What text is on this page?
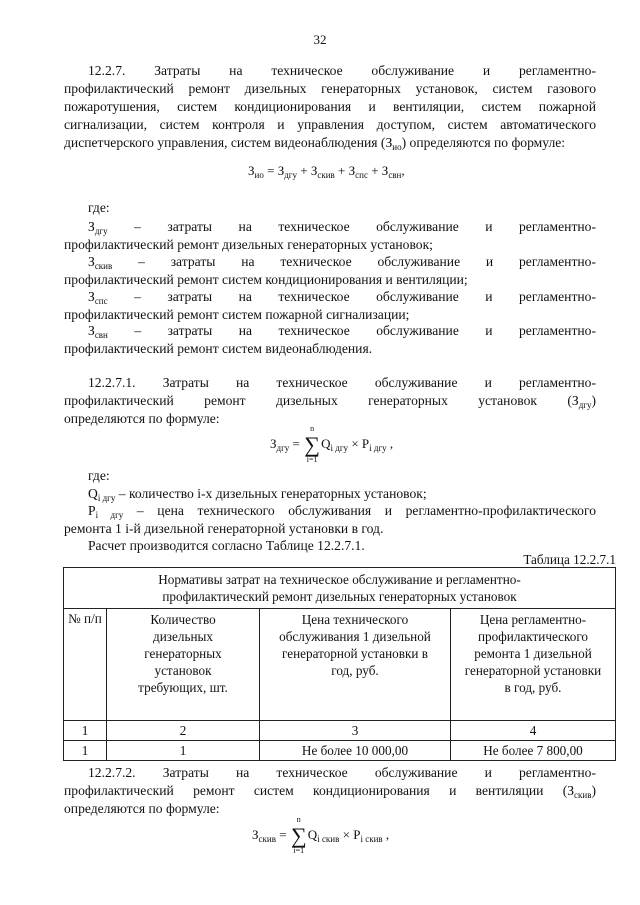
32
12.2.7. Затраты на техническое обслуживание и регламентно-
профилактический ремонт дизельных генераторных установок, систем газового пожаротушения, систем кондиционирования и вентиляции, систем пожарной сигнализации, систем контроля и управления доступом, систем автоматического диспетчерского управления, систем видеонаблюдения $(З_{ио})$ определяются по формуле:
$З_{ио} = З_{дгу} + З_{скив} + З_{спс} + З_{свн}$,
где:
$З_{дгу}$ – затраты на техническое обслуживание и регламентно-
профилактический ремонт дизельных генераторных установок;
$З_{скив}$ – затраты на техническое обслуживание и регламентно-
профилактический ремонт систем кондиционирования и вентиляции;
$З_{спс}$ – затраты на техническое обслуживание и регламентно-
профилактический ремонт систем пожарной сигнализации;
$З_{свн}$ – затраты на техническое обслуживание и регламентно-
профилактический ремонт систем видеонаблюдения.
12.2.7.1. Затраты на техническое обслуживание и регламентно-
профилактический ремонт дизельных генераторных установок $(З_{дгу})$
определяются по формуле:
$З_{дгу}$ = ∑
n
i=1
$Q_{i дгу} \times P_{i дгу}$ ,
где:
$Q_{i дгу}$ – количество i-х дизельных генераторных установок;
$P_{i дгу}$ – цена технического обслуживания и регламентно-профилактического
ремонта 1 i-й дизельной генераторной установки в год.
Расчет производится согласно Таблице 12.2.7.1.
Таблица 12.2.7.1
Нормативы затрат на техническое обслуживание и регламентно-
профилактический ремонт дизельных генераторных установок			

№ п/п	Количество дизельных генераторных установок требующих, шт.	Цена технического обслуживания 1 дизельной генераторной установки в год, руб.	Цена регламентно-профилактического ремонта 1 дизельной генераторной установки в год, руб.
1	2	3	4
1	1	Не более 10 000,00	Не более 7 800,00
12.2.7.2. Затраты на техническое обслуживание и регламентно-
профилактический ремонт систем кондиционирования и вентиляции $(З_{скив})$
определяются по формуле:
$З_{скив}$ = ∑
n
i=1
$Q_{i скив} \times P_{i скив}$ ,
